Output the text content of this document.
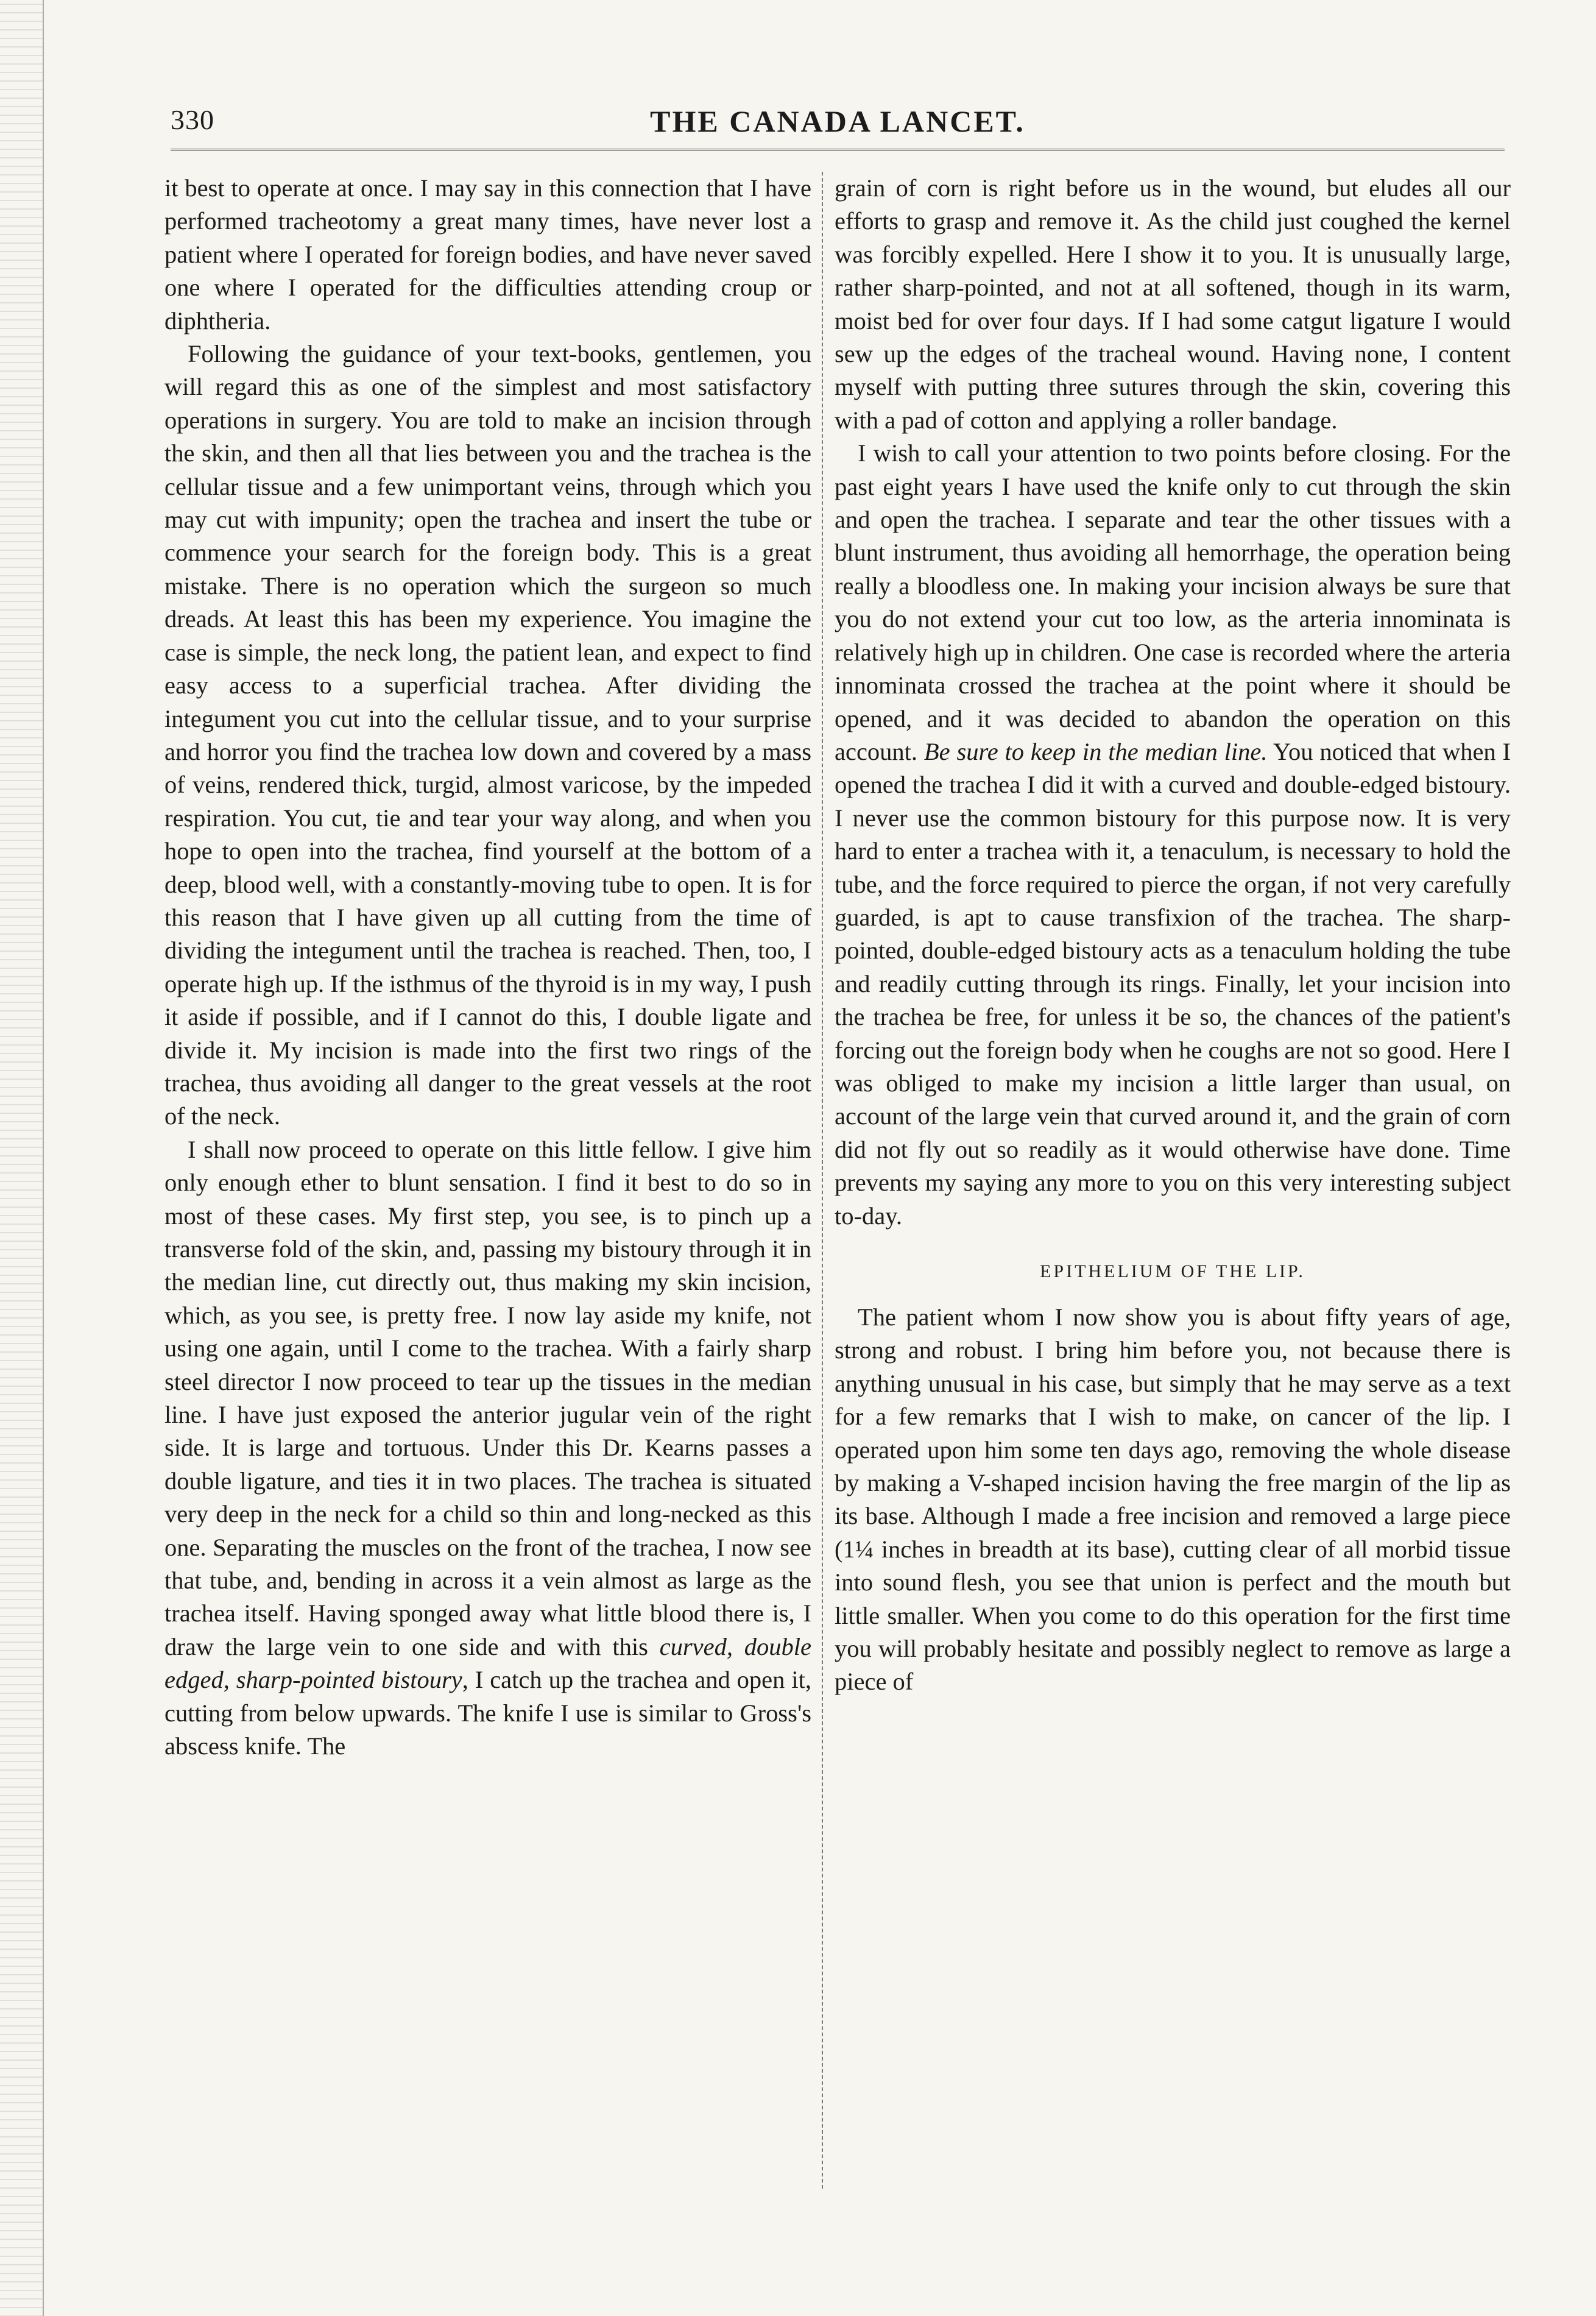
330	THE CANADA LANCET.

it best to operate at once. I may say in this connection that I have performed tracheotomy a great many times, have never lost a patient where I operated for foreign bodies, and have never saved one where I operated for the difficulties attending croup or diphtheria.

Following the guidance of your text-books, gentlemen, you will regard this as one of the simplest and most satisfactory operations in surgery. You are told to make an incision through the skin, and then all that lies between you and the trachea is the cellular tissue and a few unimportant veins, through which you may cut with impunity; open the trachea and insert the tube or commence your search for the foreign body. This is a great mistake. There is no operation which the surgeon so much dreads. At least this has been my experience. You imagine the case is simple, the neck long, the patient lean, and expect to find easy access to a superficial trachea. After dividing the integument you cut into the cellular tissue, and to your surprise and horror you find the trachea low down and covered by a mass of veins, rendered thick, turgid, almost varicose, by the impeded respiration. You cut, tie and tear your way along, and when you hope to open into the trachea, find yourself at the bottom of a deep, blood well, with a constantly-moving tube to open. It is for this reason that I have given up all cutting from the time of dividing the integument until the trachea is reached. Then, too, I operate high up. If the isthmus of the thyroid is in my way, I push it aside if possible, and if I cannot do this, I double ligate and divide it. My incision is made into the first two rings of the trachea, thus avoiding all danger to the great vessels at the root of the neck.

I shall now proceed to operate on this little fellow. I give him only enough ether to blunt sensation. I find it best to do so in most of these cases. My first step, you see, is to pinch up a transverse fold of the skin, and, passing my bistoury through it in the median line, cut directly out, thus making my skin incision, which, as you see, is pretty free. I now lay aside my knife, not using one again, until I come to the trachea. With a fairly sharp steel director I now proceed to tear up the tissues in the median line. I have just exposed the anterior jugular vein of the right side. It is large and tortuous. Under this Dr. Kearns passes a double ligature, and ties it in two places. The trachea is situated very deep in the neck for a child so thin and long-necked as this one. Separating the muscles on the front of the trachea, I now see that tube, and, bending in across it a vein almost as large as the trachea itself. Having sponged away what little blood there is, I draw the large vein to one side and with this curved, double edged, sharp-pointed bistoury, I catch up the trachea and open it, cutting from below upwards. The knife I use is similar to Gross's abscess knife. The

grain of corn is right before us in the wound, but eludes all our efforts to grasp and remove it. As the child just coughed the kernel was forcibly expelled. Here I show it to you. It is unusually large, rather sharp-pointed, and not at all softened, though in its warm, moist bed for over four days. If I had some catgut ligature I would sew up the edges of the tracheal wound. Having none, I content myself with putting three sutures through the skin, covering this with a pad of cotton and applying a roller bandage.

I wish to call your attention to two points before closing. For the past eight years I have used the knife only to cut through the skin and open the trachea. I separate and tear the other tissues with a blunt instrument, thus avoiding all hemorrhage, the operation being really a bloodless one. In making your incision always be sure that you do not extend your cut too low, as the arteria innominata is relatively high up in children. One case is recorded where the arteria innominata crossed the trachea at the point where it should be opened, and it was decided to abandon the operation on this account. Be sure to keep in the median line. You noticed that when I opened the trachea I did it with a curved and double-edged bistoury. I never use the common bistoury for this purpose now. It is very hard to enter a trachea with it, a tenaculum, is necessary to hold the tube, and the force required to pierce the organ, if not very carefully guarded, is apt to cause transfixion of the trachea. The sharp-pointed, double-edged bistoury acts as a tenaculum holding the tube and readily cutting through its rings. Finally, let your incision into the trachea be free, for unless it be so, the chances of the patient's forcing out the foreign body when he coughs are not so good. Here I was obliged to make my incision a little larger than usual, on account of the large vein that curved around it, and the grain of corn did not fly out so readily as it would otherwise have done. Time prevents my saying any more to you on this very interesting subject to-day.

EPITHELIUM OF THE LIP.

The patient whom I now show you is about fifty years of age, strong and robust. I bring him before you, not because there is anything unusual in his case, but simply that he may serve as a text for a few remarks that I wish to make, on cancer of the lip. I operated upon him some ten days ago, removing the whole disease by making a V-shaped incision having the free margin of the lip as its base. Although I made a free incision and removed a large piece (1¼ inches in breadth at its base), cutting clear of all morbid tissue into sound flesh, you see that union is perfect and the mouth but little smaller. When you come to do this operation for the first time you will probably hesitate and possibly neglect to remove as large a piece of
